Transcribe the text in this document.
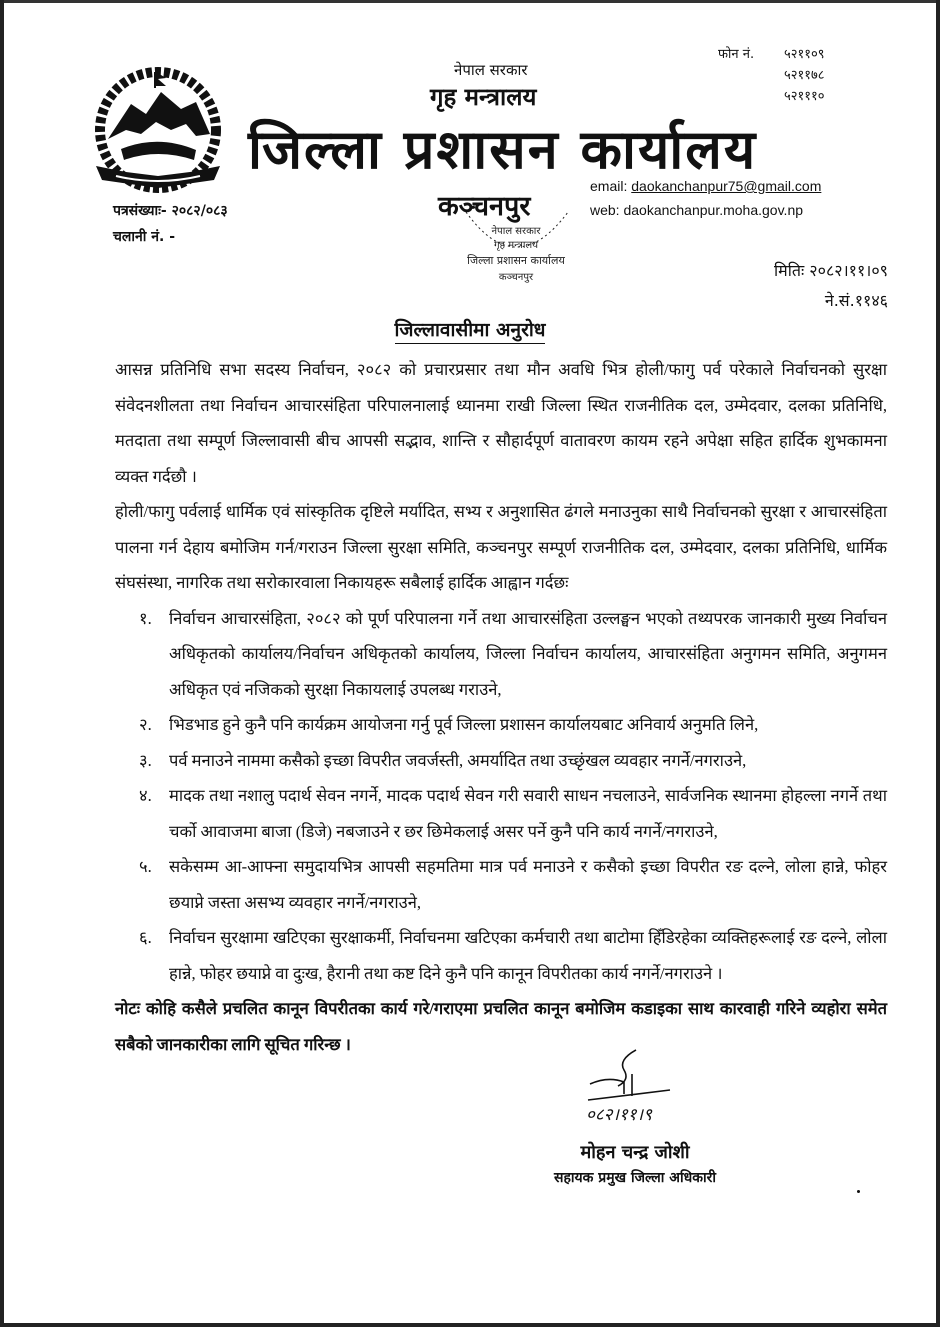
फोन नं. ५२११०९
५२११७८
५२१११०
नेपाल सरकार
गृह मन्त्रालय
जिल्ला प्रशासन कार्यालय
नेपाल सरकार
गृह मन्त्रालय
जिल्ला प्रशासन कार्यालय
कञ्चनपुर
कञ्चनपुर
email: daokanchanpur75@gmail.com
web: daokanchanpur.moha.gov.np
पत्रसंख्याः- २०८२/०८३
चलानी नं. -
मितिः २०८२।११।०९
ने.सं.११४६
जिल्लावासीमा अनुरोध

आसन्न प्रतिनिधि सभा सदस्य निर्वाचन, २०८२ को प्रचारप्रसार तथा मौन अवधि भित्र होली/फागु पर्व परेकाले निर्वाचनको सुरक्षा संवेदनशीलता तथा निर्वाचन आचारसंहिता परिपालनालाई ध्यानमा राखी जिल्ला स्थित राजनीतिक दल, उम्मेदवार, दलका प्रतिनिधि, मतदाता तथा सम्पूर्ण जिल्लावासी बीच आपसी सद्भाव, शान्ति र सौहार्दपूर्ण वातावरण कायम रहने अपेक्षा सहित हार्दिक शुभकामना व्यक्त गर्दछौ ।

होली/फागु पर्वलाई धार्मिक एवं सांस्कृतिक दृष्टिले मर्यादित, सभ्य र अनुशासित ढंगले मनाउनुका साथै निर्वाचनको सुरक्षा र आचारसंहिता पालना गर्न देहाय बमोजिम गर्न/गराउन जिल्ला सुरक्षा समिति, कञ्चनपुर सम्पूर्ण राजनीतिक दल, उम्मेदवार, दलका प्रतिनिधि, धार्मिक संघसंस्था, नागरिक तथा सरोकारवाला निकायहरू सबैलाई हार्दिक आह्वान गर्दछः

१.	निर्वाचन आचारसंहिता, २०८२ को पूर्ण परिपालना गर्ने तथा आचारसंहिता उल्लङ्घन भएको तथ्यपरक जानकारी मुख्य निर्वाचन अधिकृतको कार्यालय/निर्वाचन अधिकृतको कार्यालय, जिल्ला निर्वाचन कार्यालय, आचारसंहिता अनुगमन समिति, अनुगमन अधिकृत एवं नजिकको सुरक्षा निकायलाई उपलब्ध गराउने,
२.	भिडभाड हुने कुनै पनि कार्यक्रम आयोजना गर्नु पूर्व जिल्ला प्रशासन कार्यालयबाट अनिवार्य अनुमति लिने,
३.	पर्व मनाउने नाममा कसैको इच्छा विपरीत जवर्जस्ती, अमर्यादित तथा उच्छृंखल व्यवहार नगर्ने/नगराउने,
४.	मादक तथा नशालु पदार्थ सेवन नगर्ने, मादक पदार्थ सेवन गरी सवारी साधन नचलाउने, सार्वजनिक स्थानमा होहल्ला नगर्ने तथा चर्को आवाजमा बाजा (डिजे) नबजाउने र छर छिमेकलाई असर पर्ने कुनै पनि कार्य नगर्ने/नगराउने,
५.	सकेसम्म आ-आफ्ना समुदायभित्र आपसी सहमतिमा मात्र पर्व मनाउने र कसैको इच्छा विपरीत रङ दल्ने, लोला हान्ने, फोहर छयाप्ने जस्ता असभ्य व्यवहार नगर्ने/नगराउने,
६.	निर्वाचन सुरक्षामा खटिएका सुरक्षाकर्मी, निर्वाचनमा खटिएका कर्मचारी तथा बाटोमा हिँडिरहेका व्यक्तिहरूलाई रङ दल्ने, लोला हान्ने, फोहर छयाप्ने वा दुःख, हैरानी तथा कष्ट दिने कुनै पनि कानून विपरीतका कार्य नगर्ने/नगराउने ।

नोटः कोहि कसैले प्रचलित कानून विपरीतका कार्य गरे/गराएमा प्रचलित कानून बमोजिम कडाइका साथ कारवाही गरिने व्यहोरा समेत सबैको जानकारीका लागि सूचित गरिन्छ ।

०८२।११।९
मोहन चन्द्र जोशी
सहायक प्रमुख जिल्ला अधिकारी
